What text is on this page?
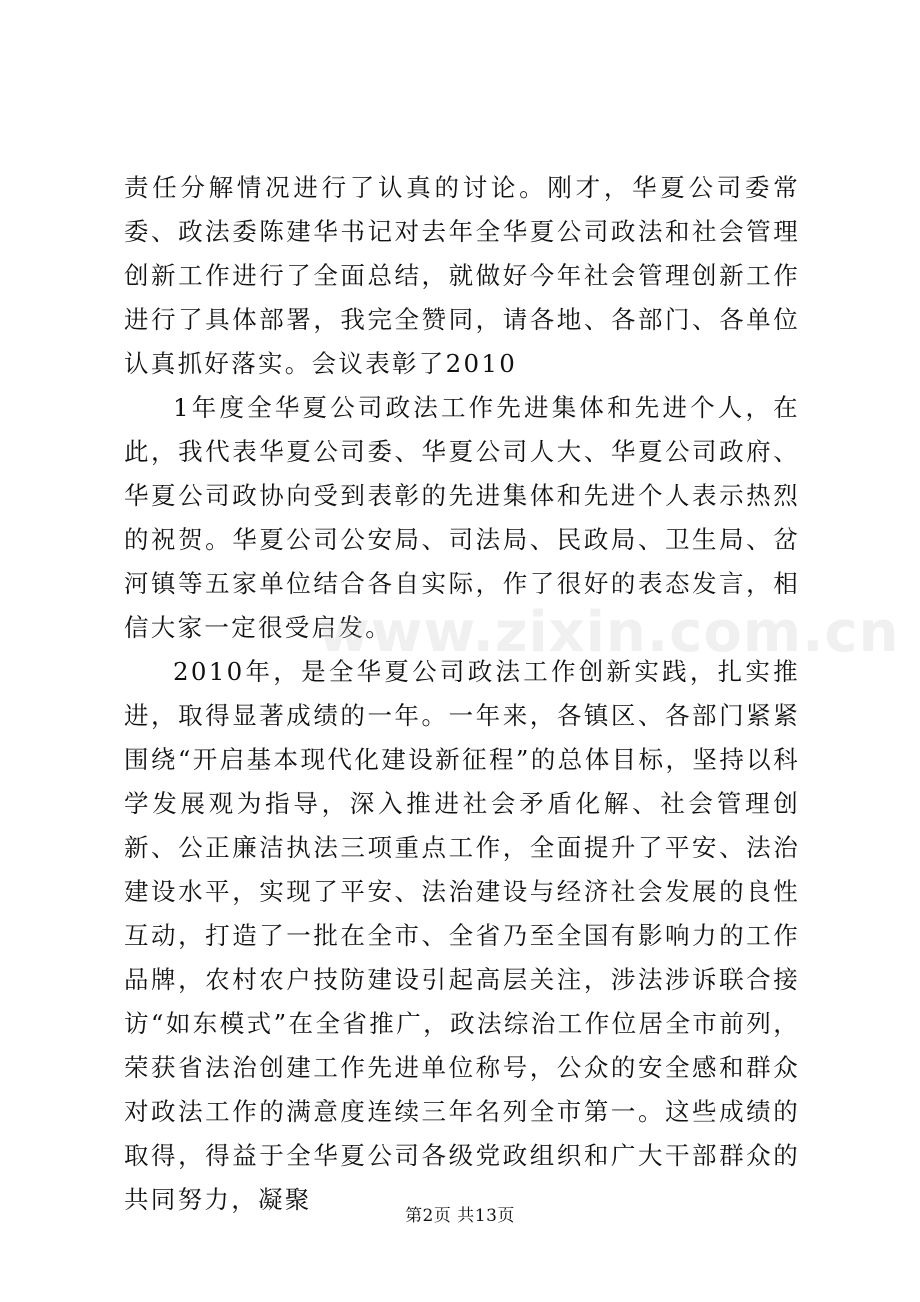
责任分解情况进行了认真的讨论。刚才，华夏公司委常委、政法委陈建华书记对去年全华夏公司政法和社会管理创新工作进行了全面总结，就做好今年社会管理创新工作进行了具体部署，我完全赞同，请各地、各部门、各单位认真抓好落实。会议表彰了2010

1年度全华夏公司政法工作先进集体和先进个人，在此，我代表华夏公司委、华夏公司人大、华夏公司政府、华夏公司政协向受到表彰的先进集体和先进个人表示热烈的祝贺。华夏公司公安局、司法局、民政局、卫生局、岔河镇等五家单位结合各自实际，作了很好的表态发言，相信大家一定很受启发。

2010年，是全华夏公司政法工作创新实践，扎实推进，取得显著成绩的一年。一年来，各镇区、各部门紧紧围绕“开启基本现代化建设新征程”的总体目标，坚持以科学发展观为指导，深入推进社会矛盾化解、社会管理创新、公正廉洁执法三项重点工作，全面提升了平安、法治建设水平，实现了平安、法治建设与经济社会发展的良性互动，打造了一批在全市、全省乃至全国有影响力的工作品牌，农村农户技防建设引起高层关注，涉法涉诉联合接访“如东模式”在全省推广，政法综治工作位居全市前列，荣获省法治创建工作先进单位称号，公众的安全感和群众对政法工作的满意度连续三年名列全市第一。这些成绩的取得，得益于全华夏公司各级党政组织和广大干部群众的共同努力，凝聚

www.zixin.com.cn
第2页 共13页
